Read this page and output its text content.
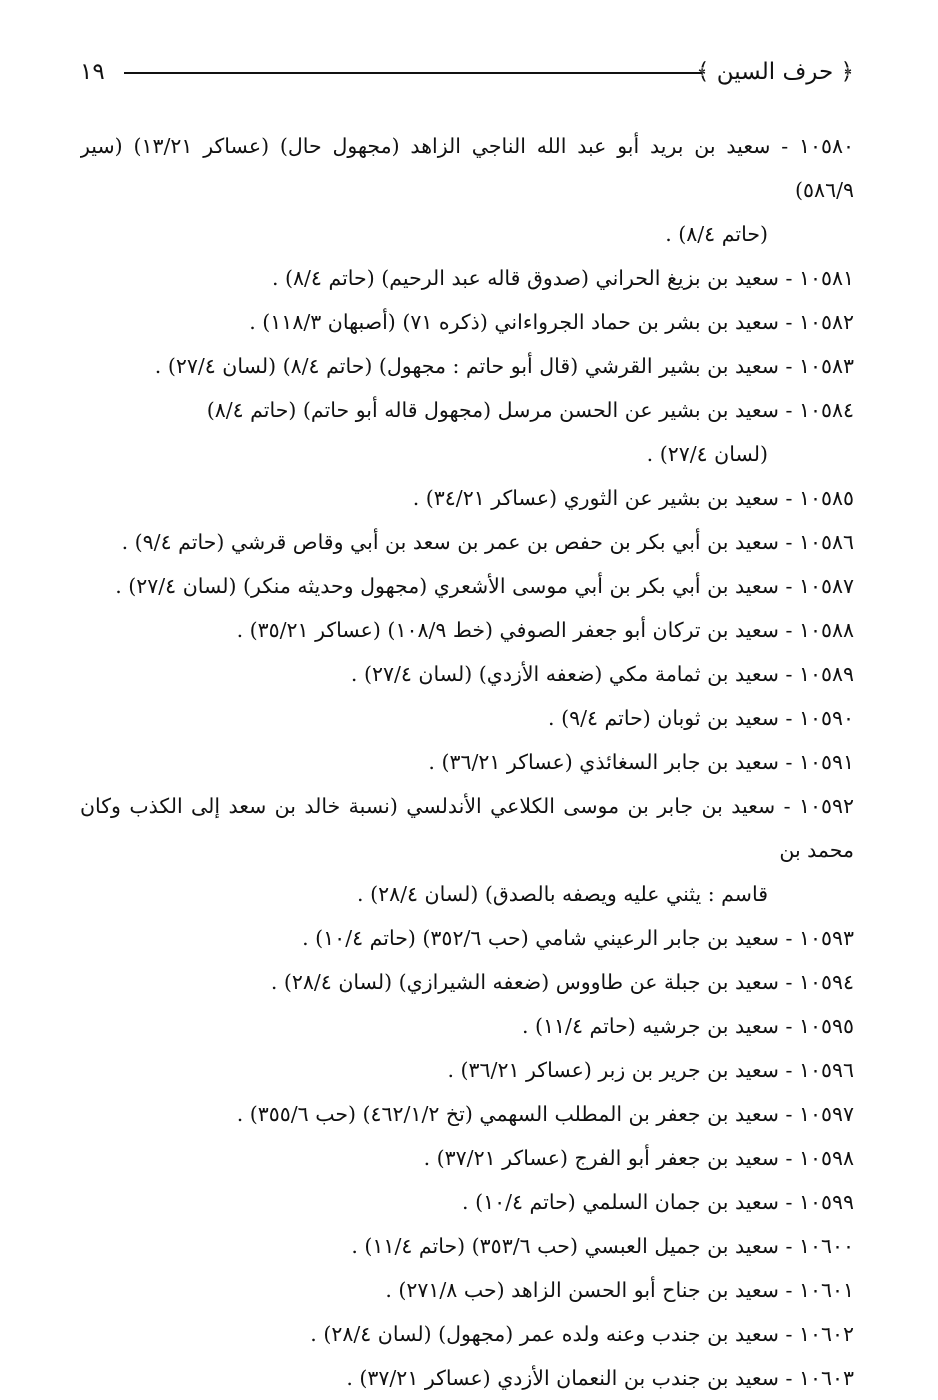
﴿ حرف السين ﴾
١٩

١٠٥٨٠ - سعيد بن بريد أبو عبد الله الناجي الزاهد (مجهول حال) (عساكر ١٣/٢١) (سير ٥٨٦/٩)
(حاتم ٨/٤) .

١٠٥٨١ - سعيد بن بزيغ الحراني (صدوق قاله عبد الرحيم) (حاتم ٨/٤) .

١٠٥٨٢ - سعيد بن بشر بن حماد الجرواءاني (ذكره ٧١) (أصبهان ١١٨/٣) .

١٠٥٨٣ - سعيد بن بشير القرشي (قال أبو حاتم : مجهول) (حاتم ٨/٤) (لسان ٢٧/٤) .

١٠٥٨٤ - سعيد بن بشير عن الحسن مرسل (مجهول قاله أبو حاتم) (حاتم ٨/٤)
(لسان ٢٧/٤) .

١٠٥٨٥ - سعيد بن بشير عن الثوري (عساكر ٣٤/٢١) .

١٠٥٨٦ - سعيد بن أبي بكر بن حفص بن عمر بن سعد بن أبي وقاص قرشي (حاتم ٩/٤) .

١٠٥٨٧ - سعيد بن أبي بكر بن أبي موسى الأشعري (مجهول وحديثه منكر) (لسان ٢٧/٤) .

١٠٥٨٨ - سعيد بن تركان أبو جعفر الصوفي (خط ١٠٨/٩) (عساكر ٣٥/٢١) .

١٠٥٨٩ - سعيد بن ثمامة مكي (ضعفه الأزدي) (لسان ٢٧/٤) .

١٠٥٩٠ - سعيد بن ثوبان (حاتم ٩/٤) .

١٠٥٩١ - سعيد بن جابر السغائذي (عساكر ٣٦/٢١) .

١٠٥٩٢ - سعيد بن جابر بن موسى الكلاعي الأندلسي (نسبة خالد بن سعد إلى الكذب وكان محمد بن
قاسم : يثني عليه ويصفه بالصدق) (لسان ٢٨/٤) .

١٠٥٩٣ - سعيد بن جابر الرعيني شامي (حب ٣٥٢/٦) (حاتم ١٠/٤) .

١٠٥٩٤ - سعيد بن جبلة عن طاووس (ضعفه الشيرازي) (لسان ٢٨/٤) .

١٠٥٩٥ - سعيد بن جرشيه (حاتم ١١/٤) .

١٠٥٩٦ - سعيد بن جرير بن زبر (عساكر ٣٦/٢١) .

١٠٥٩٧ - سعيد بن جعفر بن المطلب السهمي (تخ ٤٦٢/١/٢) (حب ٣٥٥/٦) .

١٠٥٩٨ - سعيد بن جعفر أبو الفرج (عساكر ٣٧/٢١) .

١٠٥٩٩ - سعيد بن جمان السلمي (حاتم ١٠/٤) .

١٠٦٠٠ - سعيد بن جميل العبسي (حب ٣٥٣/٦) (حاتم ١١/٤) .

١٠٦٠١ - سعيد بن جناح أبو الحسن الزاهد (حب ٢٧١/٨) .

١٠٦٠٢ - سعيد بن جندب وعنه ولده عمر (مجهول) (لسان ٢٨/٤) .

١٠٦٠٣ - سعيد بن جندب بن النعمان الأزدي (عساكر ٣٧/٢١) .
